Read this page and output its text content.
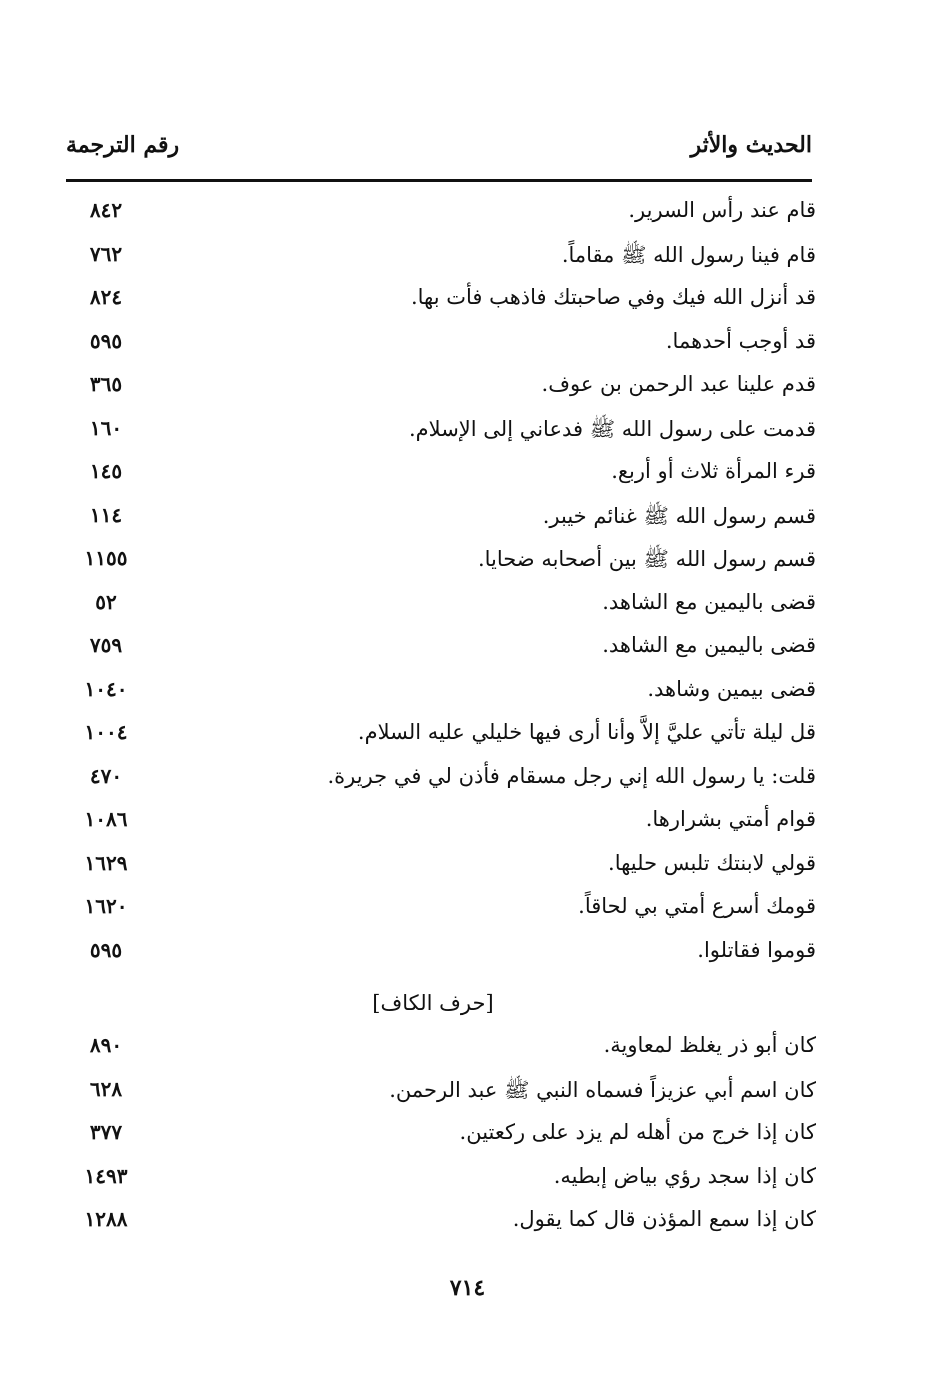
الحديث والأثر
رقم الترجمة
قام عند رأس السرير.
٨٤٢
قام فينا رسول الله ﷺ مقاماً.
٧٦٢
قد أنزل الله فيك وفي صاحبتك فاذهب فأت بها.
٨٢٤
قد أوجب أحدهما.
٥٩٥
قدم علينا عبد الرحمن بن عوف.
٣٦٥
قدمت على رسول الله ﷺ فدعاني إلى الإسلام.
١٦٠
قرء المرأة ثلاث أو أربع.
١٤٥
قسم رسول الله ﷺ غنائم خيبر.
١١٤
قسم رسول الله ﷺ بين أصحابه ضحايا.
١١٥٥
قضى باليمين مع الشاهد.
٥٢
قضى باليمين مع الشاهد.
٧٥٩
قضى بيمين وشاهد.
١٠٤٠
قل ليلة تأتي عليَّ إلاَّ وأنا أرى فيها خليلي عليه السلام.
١٠٠٤
قلت: يا رسول الله إني رجل مسقام فأذن لي في جريرة.
٤٧٠
قوام أمتي بشرارها.
١٠٨٦
قولي لابنتك تلبس حليها.
١٦٢٩
قومك أسرع أمتي بي لحاقاً.
١٦٢٠
قوموا فقاتلوا.
٥٩٥
[حرف الكاف]
كان أبو ذر يغلظ لمعاوية.
٨٩٠
كان اسم أبي عزيزاً فسماه النبي ﷺ عبد الرحمن.
٦٢٨
كان إذا خرج من أهله لم يزد على ركعتين.
٣٧٧
كان إذا سجد رؤي بياض إبطيه.
١٤٩٣
كان إذا سمع المؤذن قال كما يقول.
١٢٨٨
٧١٤
